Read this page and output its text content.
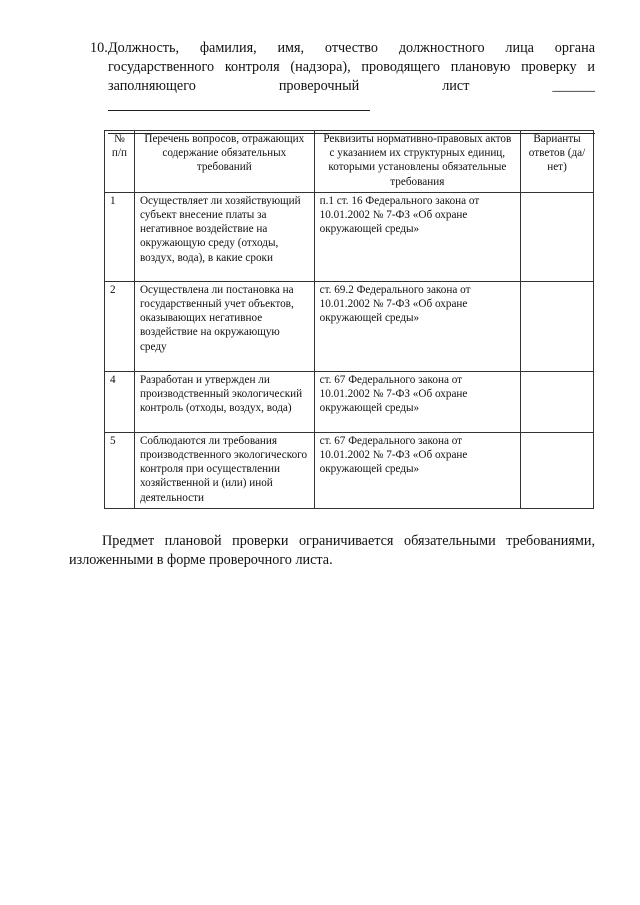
10. Должность, фамилия, имя, отчество должностного лица органа государственного контроля (надзора), проводящего плановую проверку и заполняющего проверочный лист ______
№ п/п	Перечень вопросов, отражающих содержание обязательных требований	Реквизиты нормативно-правовых актов с указанием их структурных единиц, которыми установлены обязательные требования	Варианты ответов (да/нет)
1	Осуществляет ли хозяйствующий субъект внесение платы за негативное воздействие на окружающую среду (отходы, воздух, вода), в какие сроки	п.1 ст. 16 Федерального закона от 10.01.2002 № 7-ФЗ «Об охране окружающей среды»	
2	Осуществлена ли постановка на государственный учет объектов, оказывающих негативное воздействие на окружающую среду	ст. 69.2 Федерального закона от 10.01.2002 № 7-ФЗ «Об охране окружающей среды»	
4	Разработан и утвержден ли производственный экологический контроль (отходы, воздух, вода)	ст. 67 Федерального закона от 10.01.2002 № 7-ФЗ «Об охране окружающей среды»	
5	Соблюдаются ли требования производственного экологического контроля при осуществлении хозяйственной и (или) иной деятельности	ст. 67 Федерального закона от 10.01.2002 № 7-ФЗ «Об охране окружающей среды»	

Предмет плановой проверки ограничивается обязательными требованиями, изложенными в форме проверочного листа.
